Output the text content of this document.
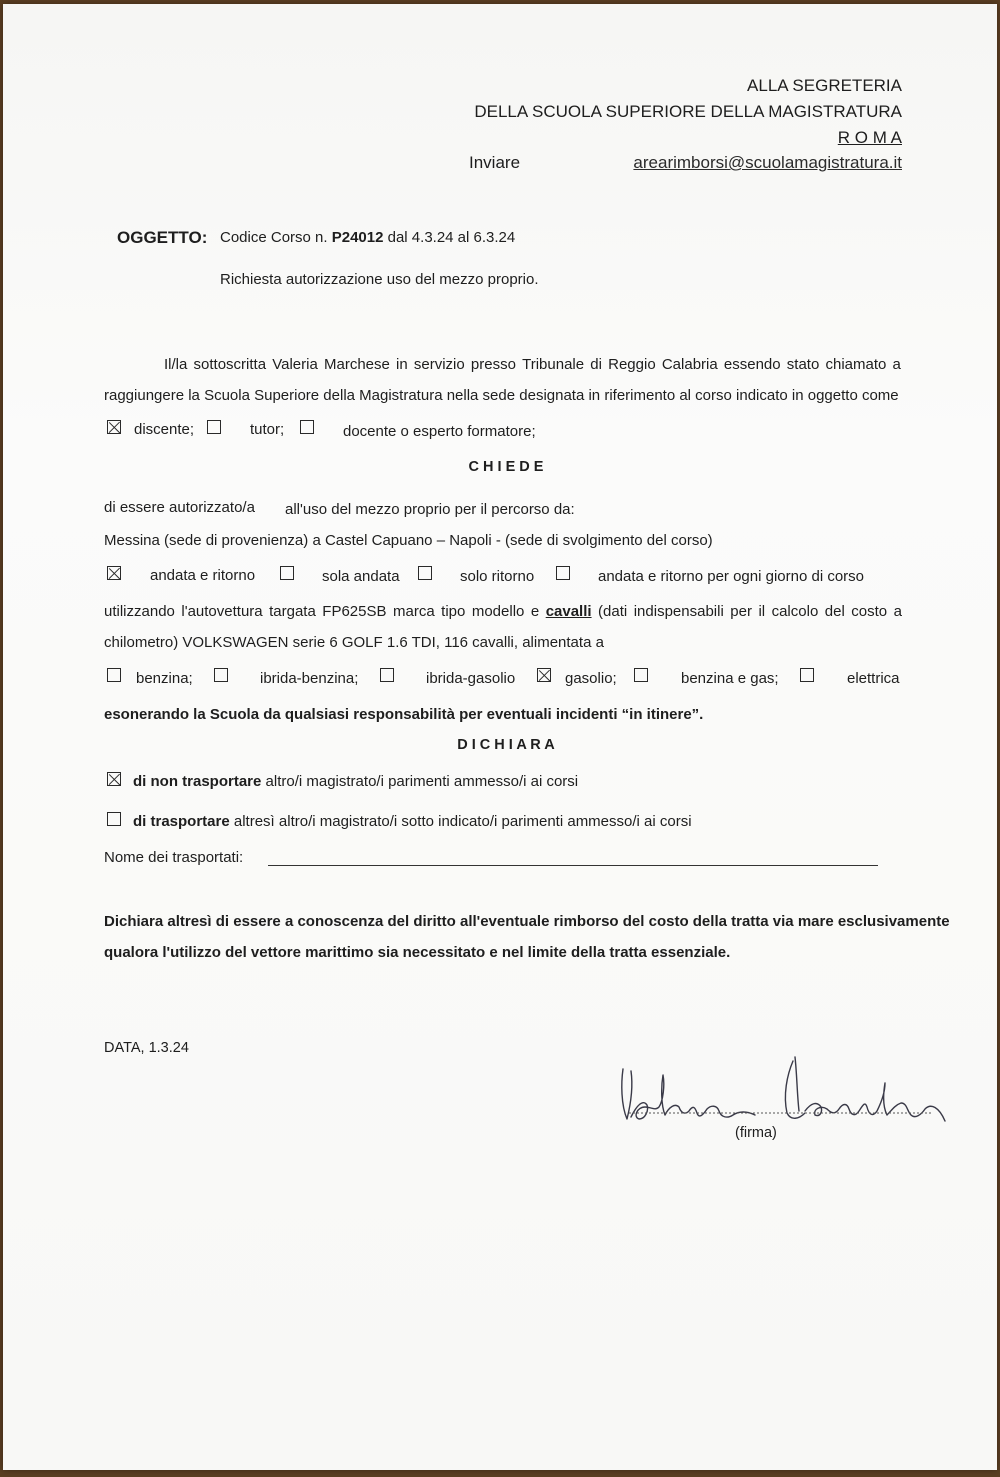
ALLA SEGRETERIA
DELLA SCUOLA SUPERIORE DELLA MAGISTRATURA
R O M A
Inviare	arearimborsi@scuolamagistratura.it
OGGETTO: Codice Corso n. P24012 dal 4.3.24 al 6.3.24
Richiesta autorizzazione uso del mezzo proprio.
Il/la sottoscritta Valeria Marchese in servizio presso Tribunale di Reggio Calabria essendo stato chiamato a
raggiungere la Scuola Superiore della Magistratura nella sede designata in riferimento al corso indicato in oggetto come
discente;	tutor;	docente o esperto formatore;
C H I E D E
di essere autorizzato/a all'uso del mezzo proprio per il percorso da:
Messina (sede di provenienza) a Castel Capuano – Napoli - (sede di svolgimento del corso)
andata e ritorno	sola andata	solo ritorno	andata e ritorno per ogni giorno di corso
utilizzando l'autovettura targata FP625SB marca tipo modello e cavalli (dati indispensabili per il calcolo del costo a
chilometro) VOLKSWAGEN serie 6 GOLF 1.6 TDI, 116 cavalli, alimentata a
benzina;	ibrida-benzina;	ibrida-gasolio	gasolio;	benzina e gas;	elettrica
esonerando la Scuola da qualsiasi responsabilità per eventuali incidenti “in itinere”.
D I C H I A R A
di non trasportare altro/i magistrato/i parimenti ammesso/i ai corsi
di trasportare altresì altro/i magistrato/i sotto indicato/i parimenti ammesso/i ai corsi
Nome dei trasportati:
Dichiara altresì di essere a conoscenza del diritto all'eventuale rimborso del costo della tratta via mare esclusivamente
qualora l'utilizzo del vettore marittimo sia necessitato e nel limite della tratta essenziale.
DATA, 1.3.24
(firma)
